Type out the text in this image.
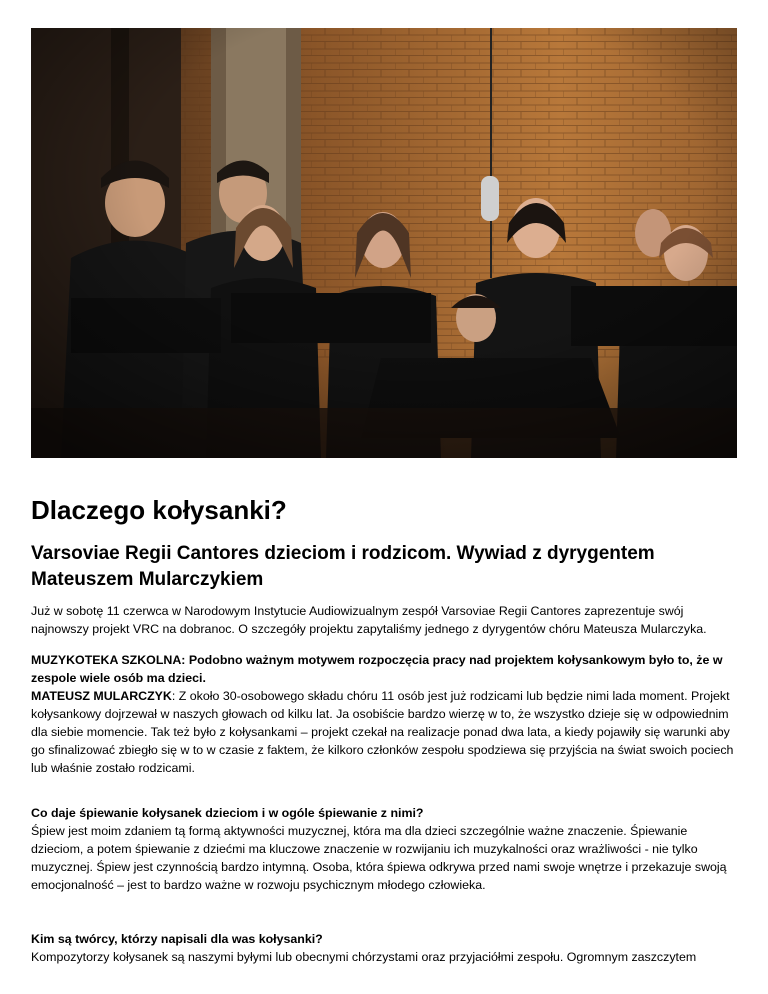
Dlaczego kołysanki?
Varsoviae Regii Cantores dzieciom i rodzicom. Wywiad z dyrygentem Mateuszem Mularczykiem

Już w sobotę 11 czerwca w Narodowym Instytucie Audiowizualnym zespół Varsoviae Regii Cantores zaprezentuje swój najnowszy projekt VRC na dobranoc. O szczegóły projektu zapytaliśmy jednego z dyrygentów chóru Mateusza Mularczyka.

MUZYKOTEKA SZKOLNA: Podobno ważnym motywem rozpoczęcia pracy nad projektem kołysankowym było to, że w zespole wiele osób ma dzieci.
MATEUSZ MULARCZYK: Z około 30-osobowego składu chóru 11 osób jest już rodzicami lub będzie nimi lada moment. Projekt kołysankowy dojrzewał w naszych głowach od kilku lat. Ja osobiście bardzo wierzę w to, że wszystko dzieje się w odpowiednim dla siebie momencie. Tak też było z kołysankami – projekt czekał na realizacje ponad dwa lata, a kiedy pojawiły się warunki aby go sfinalizować zbiegło się w to w czasie z faktem, że kilkoro członków zespołu spodziewa się przyjścia na świat swoich pociech lub właśnie zostało rodzicami.

Co daje śpiewanie kołysanek dzieciom i w ogóle śpiewanie z nimi?
Śpiew jest moim zdaniem tą formą aktywności muzycznej, która ma dla dzieci szczególnie ważne znaczenie. Śpiewanie dzieciom, a potem śpiewanie z dziećmi ma kluczowe znaczenie w rozwijaniu ich muzykalności oraz wrażliwości - nie tylko muzycznej. Śpiew jest czynnością bardzo intymną. Osoba, która śpiewa odkrywa przed nami swoje wnętrze i przekazuje swoją emocjonalność – jest to bardzo ważne w rozwoju psychicznym młodego człowieka.

Kim są twórcy, którzy napisali dla was kołysanki?
Kompozytorzy kołysanek są naszymi byłymi lub obecnymi chórzystami oraz przyjaciółmi zespołu. Ogromnym zaszczytem
